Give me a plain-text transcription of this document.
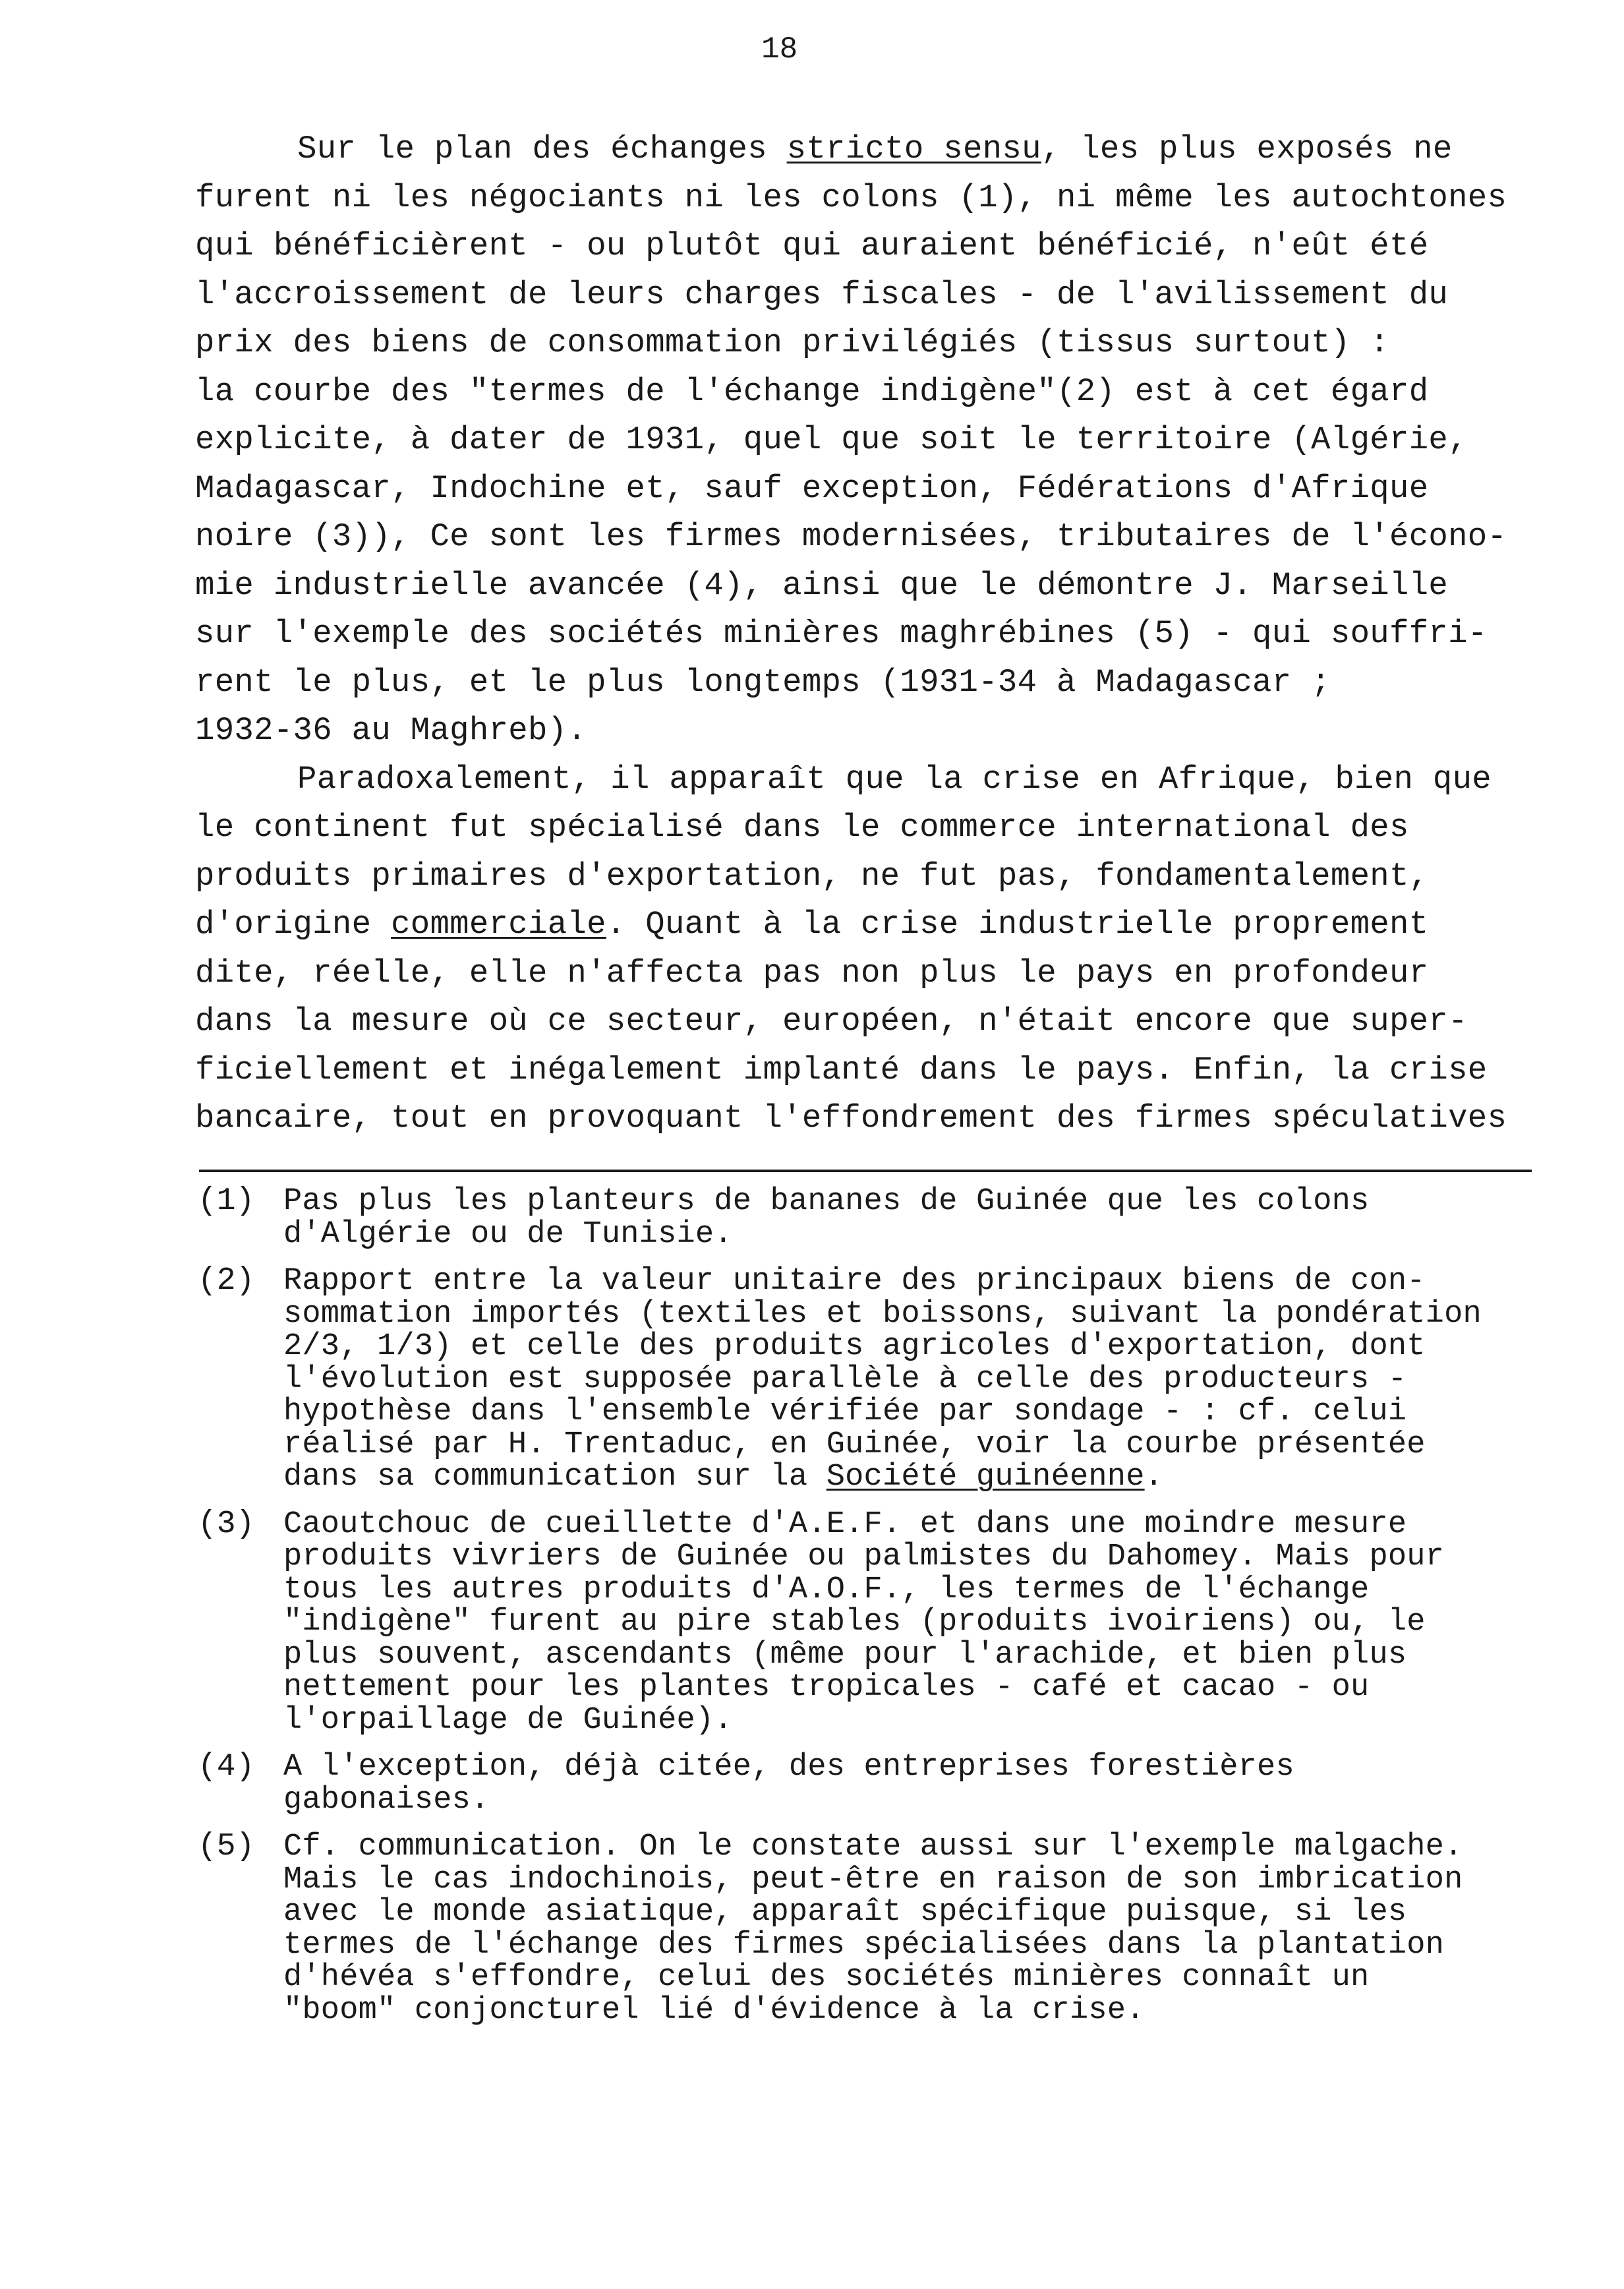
18
Sur le plan des échanges stricto sensu, les plus exposés ne
furent ni les négociants ni les colons (1), ni même les autochtones
qui bénéficièrent - ou plutôt qui auraient bénéficié, n'eût été
l'accroissement de leurs charges fiscales - de l'avilissement du
prix des biens de consommation privilégiés (tissus surtout) :
la courbe des "termes de l'échange indigène"(2) est à cet égard
explicite, à dater de 1931, quel que soit le territoire (Algérie,
Madagascar, Indochine et, sauf exception, Fédérations d'Afrique
noire (3)), Ce sont les firmes modernisées, tributaires de l'écono-
mie industrielle avancée (4), ainsi que le démontre J. Marseille
sur l'exemple des sociétés minières maghrébines (5) - qui souffri-
rent le plus, et le plus longtemps (1931-34 à Madagascar ;
1932-36 au Maghreb).
Paradoxalement, il apparaît que la crise en Afrique, bien que
le continent fut spécialisé dans le commerce international des
produits primaires d'exportation, ne fut pas, fondamentalement,
d'origine commerciale. Quant à la crise industrielle proprement
dite, réelle, elle n'affecta pas non plus le pays en profondeur
dans la mesure où ce secteur, européen, n'était encore que super-
ficiellement et inégalement implanté dans le pays. Enfin, la crise
bancaire, tout en provoquant l'effondrement des firmes spéculatives
(1) Pas plus les planteurs de bananes de Guinée que les colons
d'Algérie ou de Tunisie.
(2) Rapport entre la valeur unitaire des principaux biens de con-
sommation importés (textiles et boissons, suivant la pondération
2/3, 1/3) et celle des produits agricoles d'exportation, dont
l'évolution est supposée parallèle à celle des producteurs -
hypothèse dans l'ensemble vérifiée par sondage - : cf. celui
réalisé par H. Trentaduc, en Guinée, voir la courbe présentée
dans sa communication sur la Société guinéenne.
(3) Caoutchouc de cueillette d'A.E.F. et dans une moindre mesure
produits vivriers de Guinée ou palmistes du Dahomey. Mais pour
tous les autres produits d'A.O.F., les termes de l'échange
"indigène" furent au pire stables (produits ivoiriens) ou, le
plus souvent, ascendants (même pour l'arachide, et bien plus
nettement pour les plantes tropicales - café et cacao - ou
l'orpaillage de Guinée).
(4) A l'exception, déjà citée, des entreprises forestières
gabonaises.
(5) Cf. communication. On le constate aussi sur l'exemple malgache.
Mais le cas indochinois, peut-être en raison de son imbrication
avec le monde asiatique, apparaît spécifique puisque, si les
termes de l'échange des firmes spécialisées dans la plantation
d'hévéa s'effondre, celui des sociétés minières connaît un
"boom" conjoncturel lié d'évidence à la crise.
